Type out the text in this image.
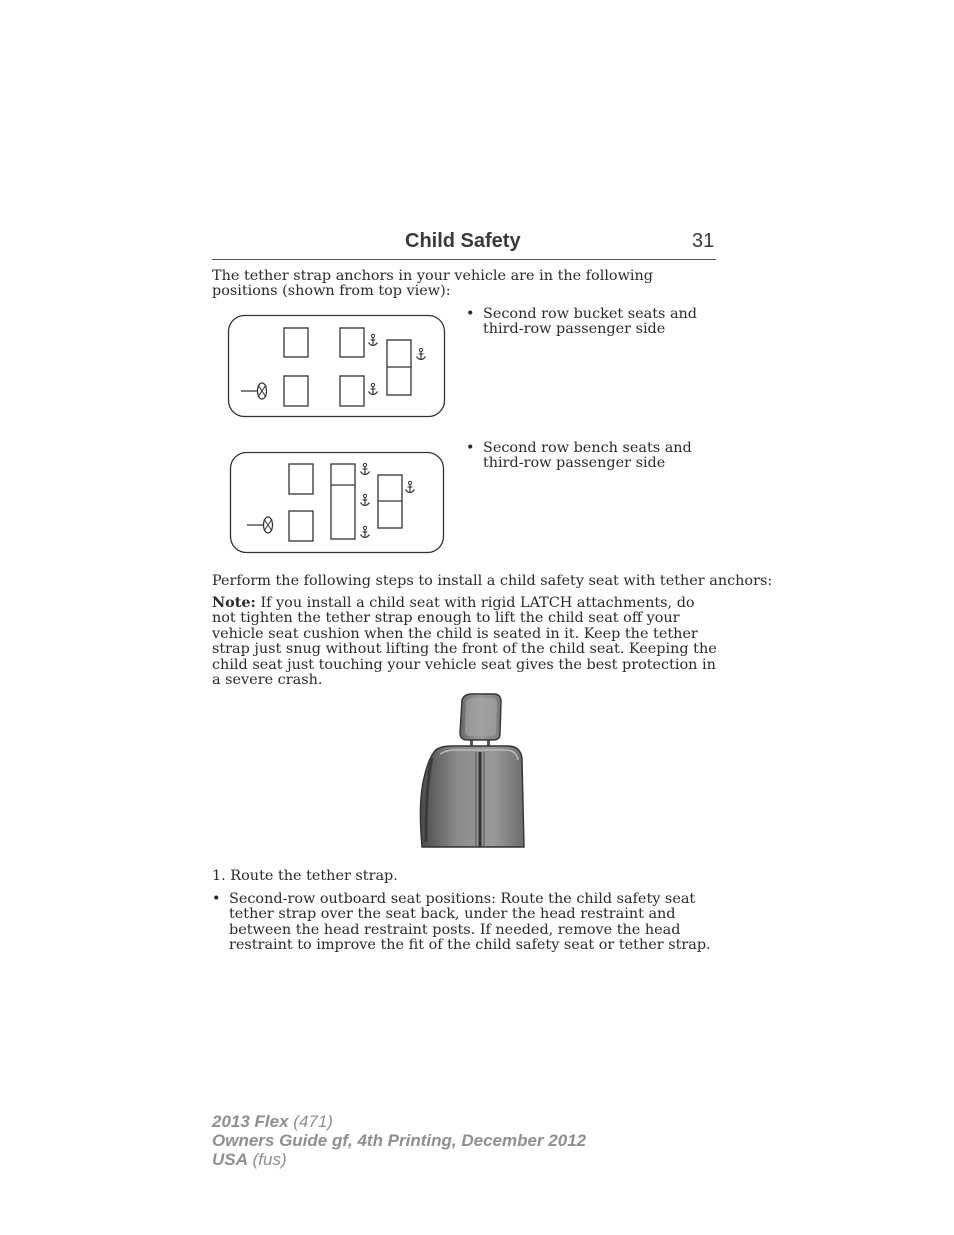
Child Safety	31
The tether strap anchors in your vehicle are in the following positions (shown from top view):
• Second row bucket seats and third-row passenger side
• Second row bench seats and third-row passenger side
Perform the following steps to install a child safety seat with tether anchors:
Note: If you install a child seat with rigid LATCH attachments, do not tighten the tether strap enough to lift the child seat off your vehicle seat cushion when the child is seated in it. Keep the tether strap just snug without lifting the front of the child seat. Keeping the child seat just touching your vehicle seat gives the best protection in a severe crash.
1. Route the tether strap.
• Second-row outboard seat positions: Route the child safety seat tether strap over the seat back, under the head restraint and between the head restraint posts. If needed, remove the head restraint to improve the fit of the child safety seat or tether strap.
2013 Flex (471)
Owners Guide gf, 4th Printing, December 2012
USA (fus)
